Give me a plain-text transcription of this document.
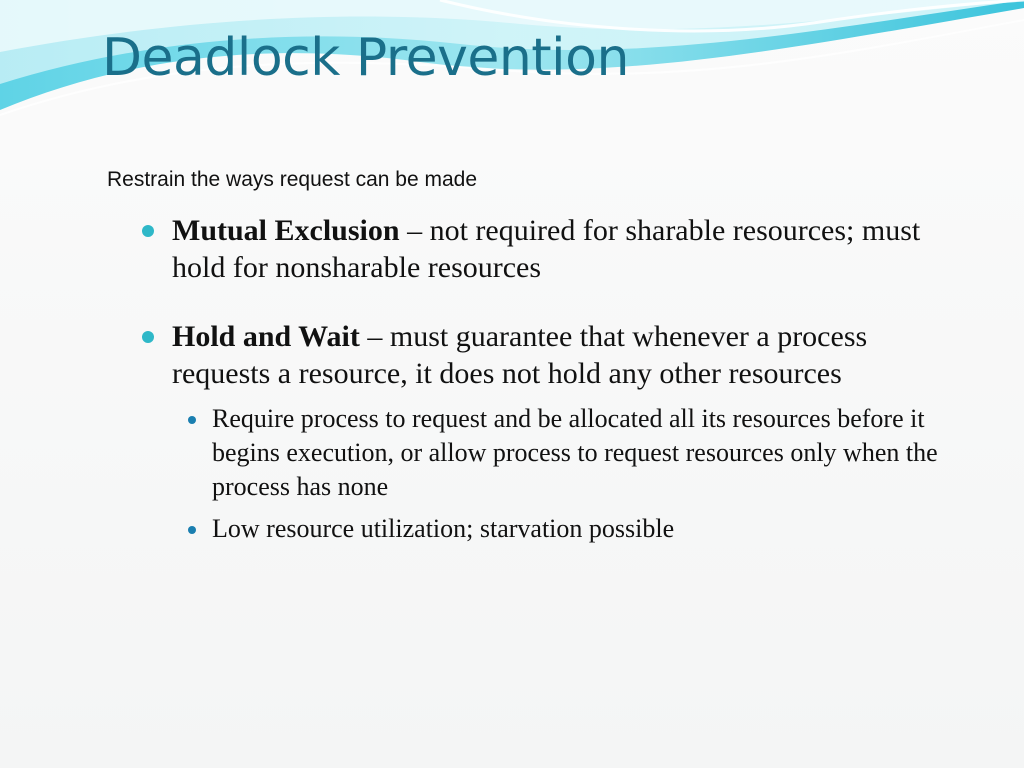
Deadlock Prevention

Restrain the ways request can be made

Mutual Exclusion – not required for sharable resources; must hold for nonsharable resources
Hold and Wait – must guarantee that whenever a process requests a resource, it does not hold any other resources
Require process to request and be allocated all its resources before it begins execution, or allow process to request resources only when the process has none
Low resource utilization; starvation possible
